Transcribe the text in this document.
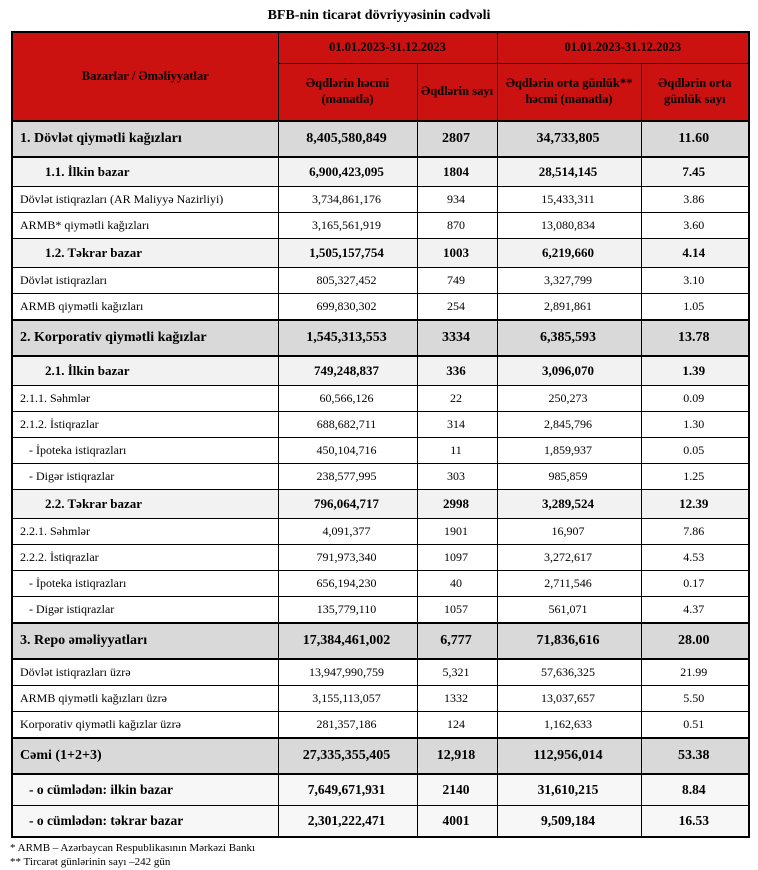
BFB-nin ticarət dövriyyəsinin cədvəli
Bazarlar / Əməliyyatlar	01.01.2023-31.12.2023		01.01.2023-31.12.2023	
	Əqdlərin həcmi (manatla)	Əqdlərin sayı	Əqdlərin orta günlük** həcmi (manatla)	Əqdlərin orta günlük sayı
1. Dövlət qiymətli kağızları	8,405,580,849	2807	34,733,805	11.60
1.1. İlkin bazar	6,900,423,095	1804	28,514,145	7.45
Dövlət istiqrazları (AR Maliyyə Nazirliyi)	3,734,861,176	934	15,433,311	3.86
ARMB* qiymətli kağızları	3,165,561,919	870	13,080,834	3.60
1.2. Təkrar bazar	1,505,157,754	1003	6,219,660	4.14
Dövlət istiqrazları	805,327,452	749	3,327,799	3.10
ARMB qiymətli kağızları	699,830,302	254	2,891,861	1.05
2. Korporativ qiymətli kağızlar	1,545,313,553	3334	6,385,593	13.78
2.1. İlkin bazar	749,248,837	336	3,096,070	1.39
2.1.1. Səhmlər	60,566,126	22	250,273	0.09
2.1.2. İstiqrazlar	688,682,711	314	2,845,796	1.30
- İpoteka istiqrazları	450,104,716	11	1,859,937	0.05
- Digər istiqrazlar	238,577,995	303	985,859	1.25
2.2. Təkrar bazar	796,064,717	2998	3,289,524	12.39
2.2.1. Səhmlər	4,091,377	1901	16,907	7.86
2.2.2. İstiqrazlar	791,973,340	1097	3,272,617	4.53
- İpoteka istiqrazları	656,194,230	40	2,711,546	0.17
- Digər istiqrazlar	135,779,110	1057	561,071	4.37
3. Repo əməliyyatları	17,384,461,002	6,777	71,836,616	28.00
Dövlət istiqrazları üzrə	13,947,990,759	5,321	57,636,325	21.99
ARMB qiymətli kağızları üzrə	3,155,113,057	1332	13,037,657	5.50
Korporativ qiymətli kağızlar üzrə	281,357,186	124	1,162,633	0.51
Cəmi (1+2+3)	27,335,355,405	12,918	112,956,014	53.38
- o cümlədən: ilkin bazar	7,649,671,931	2140	31,610,215	8.84
- o cümlədən: təkrar bazar	2,301,222,471	4001	9,509,184	16.53
* ARMB – Azərbaycan Respublikasının Mərkəzi Bankı
** Tircarət günlərinin sayı –242 gün
